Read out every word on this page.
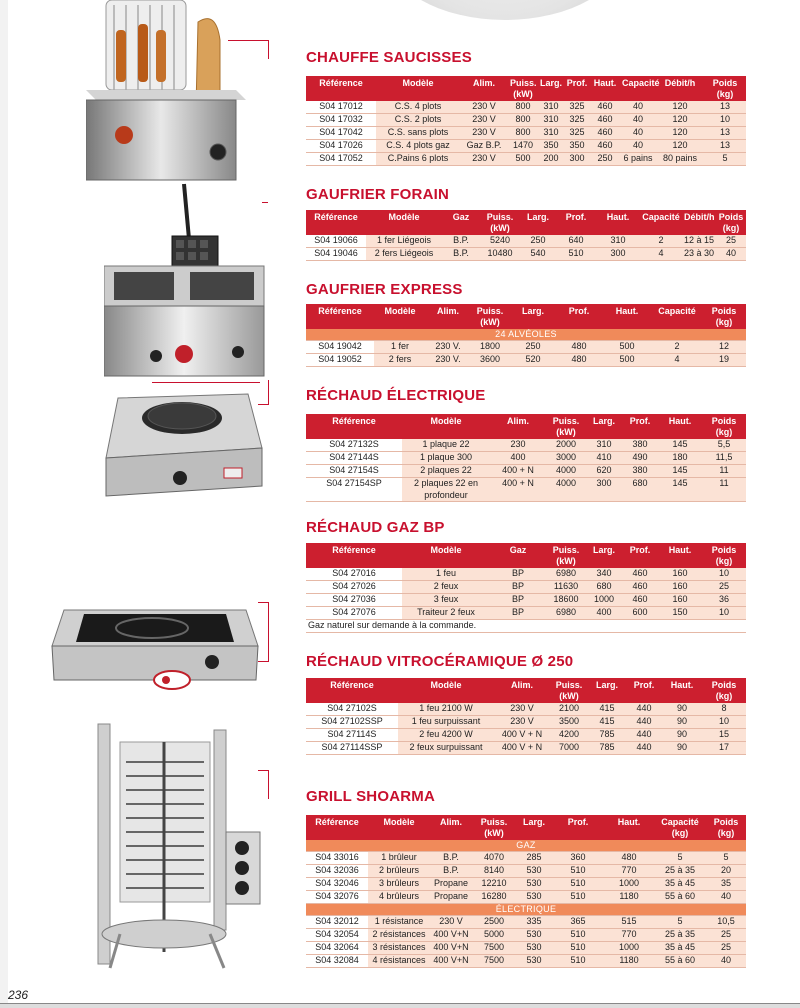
CHAUFFE SAUCISSES
Référence	Modèle	Alim.	Puiss. (kW)	Larg.	Prof.	Haut.	Capacité	Débit/h	Poids (kg)
S04 17012	C.S. 4 plots	230 V	800	310	325	460	40	120	13
S04 17032	C.S. 2 plots	230 V	800	310	325	460	40	120	10
S04 17042	C.S. sans plots	230 V	800	310	325	460	40	120	13
S04 17026	C.S. 4 plots gaz	Gaz B.P.	1470	350	350	460	40	120	13
S04 17052	C.Pains 6 plots	230 V	500	200	300	250	6 pains	80 pains	5
GAUFRIER FORAIN
Référence	Modèle	Gaz	Puiss. (kW)	Larg.	Prof.	Haut.	Capacité	Débit/h	Poids (kg)
S04 19066	1 fer Liégeois	B.P.	5240	250	640	310	2	12 à 15	25
S04 19046	2 fers Liégeois	B.P.	10480	540	510	300	4	23 à 30	40
GAUFRIER EXPRESS
Référence	Modèle	Alim.	Puiss. (kW)	Larg.	Prof.	Haut.	Capacité	Poids (kg)
24 ALVÉOLES								
S04 19042	1 fer	230 V.	1800	250	480	500	2	12
S04 19052	2 fers	230 V.	3600	520	480	500	4	19
RÉCHAUD ÉLECTRIQUE
Référence	Modèle	Alim.	Puiss. (kW)	Larg.	Prof.	Haut.	Poids (kg)
S04 27132S	1 plaque 22	230	2000	310	380	145	5,5
S04 27144S	1 plaque 300	400	3000	410	490	180	11,5
S04 27154S	2 plaques 22	400 + N	4000	620	380	145	11
S04 27154SP	2 plaques 22 en profondeur	400 + N	4000	300	680	145	11
RÉCHAUD GAZ BP
Référence	Modèle	Gaz	Puiss. (kW)	Larg.	Prof.	Haut.	Poids (kg)
S04 27016	1 feu	BP	6980	340	460	160	10
S04 27026	2 feux	BP	11630	680	460	160	25
S04 27036	3 feux	BP	18600	1000	460	160	36
S04 27076	Traiteur 2 feux	BP	6980	400	600	150	10
Gaz naturel sur demande à la commande.							
RÉCHAUD VITROCÉRAMIQUE Ø 250
Référence	Modèle	Alim.	Puiss. (kW)	Larg.	Prof.	Haut.	Poids (kg)
S04 27102S	1 feu 2100 W	230 V	2100	415	440	90	8
S04 27102SSP	1 feu surpuissant	230 V	3500	415	440	90	10
S04 27114S	2 feu 4200 W	400 V + N	4200	785	440	90	15
S04 27114SSP	2 feux surpuissant	400 V + N	7000	785	440	90	17
GRILL SHOARMA
Référence	Modèle	Alim.	Puiss. (kW)	Larg.	Prof.	Haut.	Capacité (kg)	Poids (kg)
GAZ								
S04 33016	1 brûleur	B.P.	4070	285	360	480	5	5
S04 32036	2 brûleurs	B.P.	8140	530	510	770	25 à 35	20
S04 32046	3 brûleurs	Propane	12210	530	510	1000	35 à 45	35
S04 32076	4 brûleurs	Propane	16280	530	510	1180	55 à 60	40
ÉLECTRIQUE								
S04 32012	1 résistance	230 V	2500	335	365	515	5	10,5
S04 32054	2 résistances	400 V+N	5000	530	510	770	25 à 35	25
S04 32064	3 résistances	400 V+N	7500	530	510	1000	35 à 45	25
S04 32084	4 résistances	400 V+N	7500	530	510	1180	55 à 60	40
236
